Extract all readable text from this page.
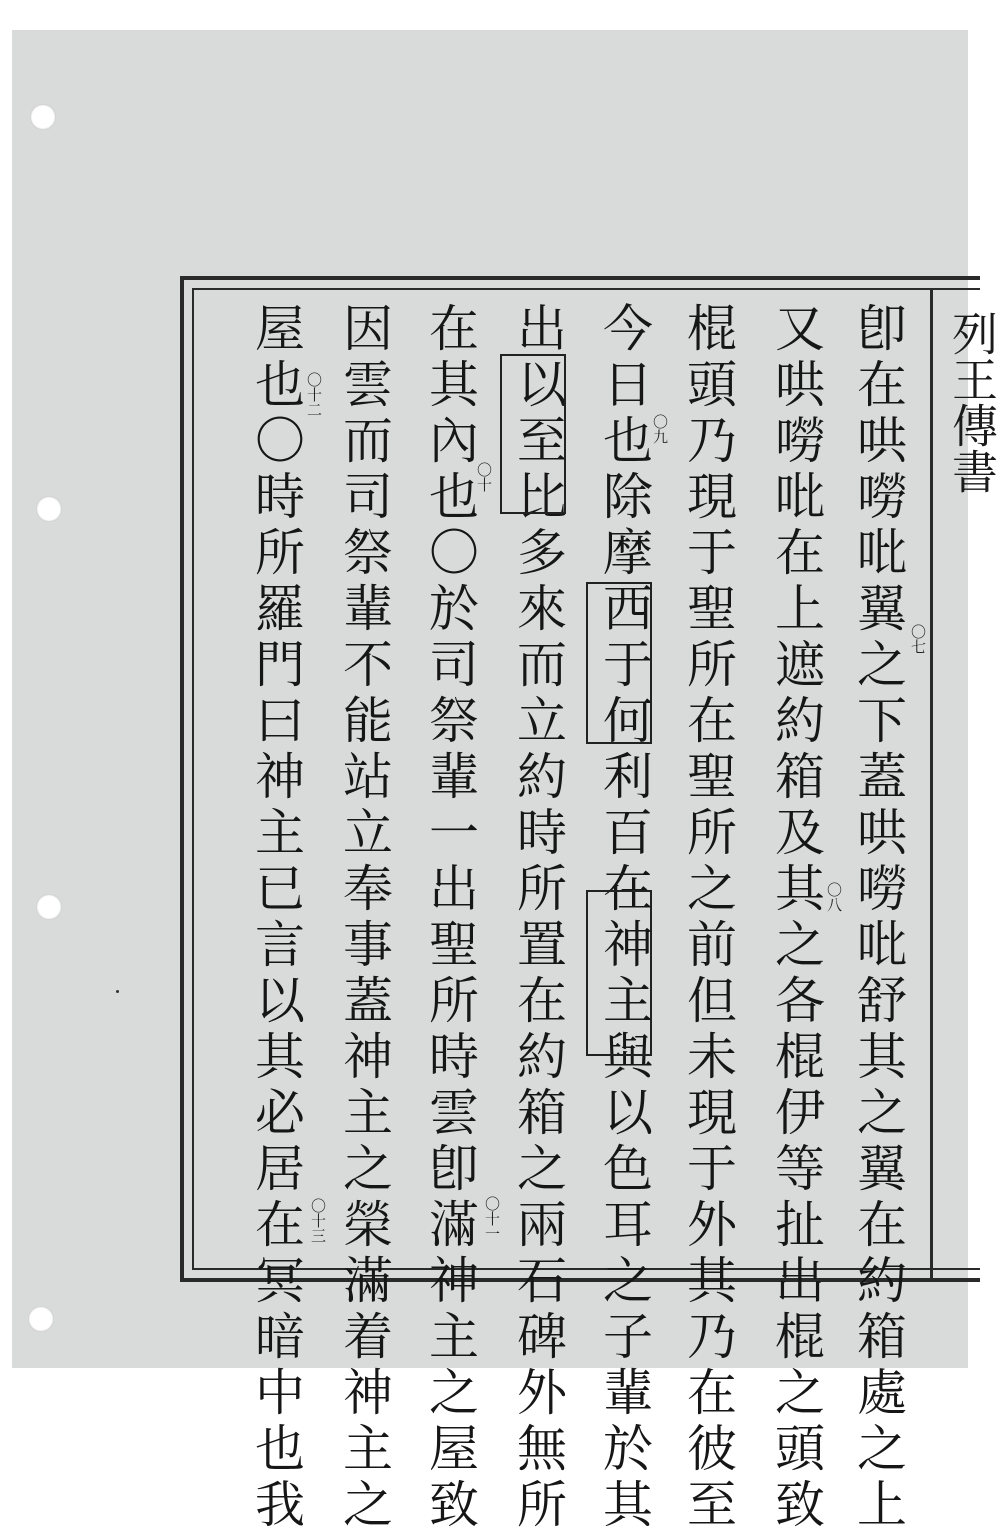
列王傳書
卽在哄嘮吡翼之下蓋哄嘮吡舒其之翼在約箱處之上
又哄嘮吡在上遮約箱及其之各棍伊等扯出棍之頭致
棍頭乃現于聖所在聖所之前但未現于外其乃在彼至
今日也除摩西于何利百在神主與以色耳之子輩於其
出以至比多來而立約時所置在約箱之兩石碑外無所
在其內也〇於司祭輩一出聖所時雲卽滿神主之屋致
因雲而司祭輩不能站立奉事蓋神主之榮滿着神主之
屋也〇時所羅門曰神主已言以其必居在冥暗中也我	〇七
〇八
〇九
〇十
〇十一
〇十二
〇十三
